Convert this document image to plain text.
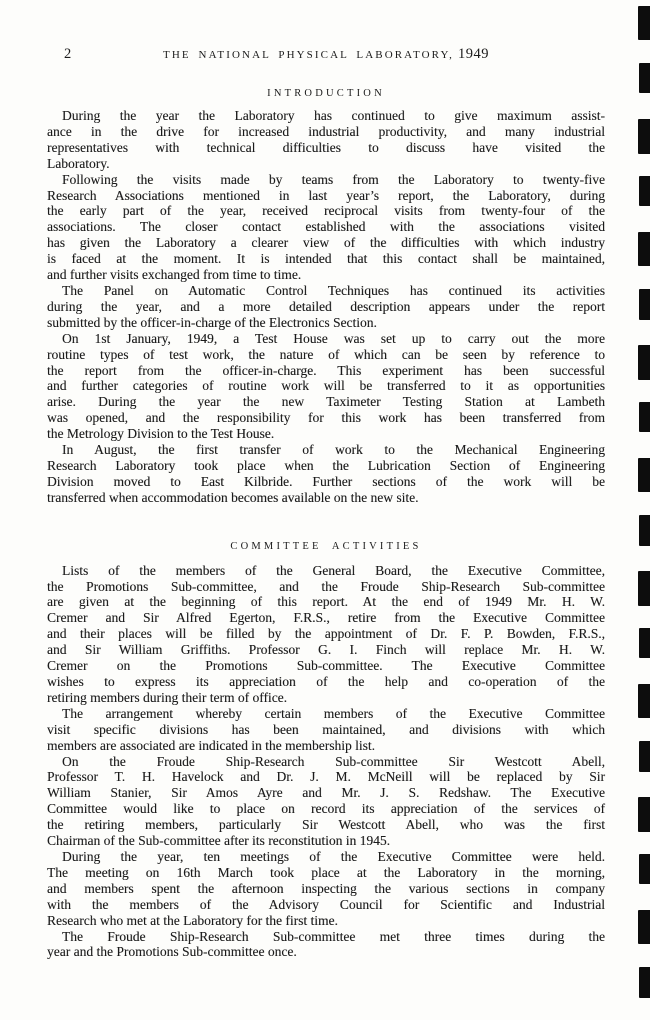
2	THE NATIONAL PHYSICAL LABORATORY, 1949
INTRODUCTION
During the year the Laboratory has continued to give maximum assist-
ance in the drive for increased industrial productivity, and many industrial
representatives with technical difficulties to discuss have visited the
Laboratory.
Following the visits made by teams from the Laboratory to twenty-five
Research Associations mentioned in last year’s report, the Laboratory, during
the early part of the year, received reciprocal visits from twenty-four of the
associations. The closer contact established with the associations visited
has given the Laboratory a clearer view of the difficulties with which industry
is faced at the moment. It is intended that this contact shall be maintained,
and further visits exchanged from time to time.
The Panel on Automatic Control Techniques has continued its activities
during the year, and a more detailed description appears under the report
submitted by the officer-in-charge of the Electronics Section.
On 1st January, 1949, a Test House was set up to carry out the more
routine types of test work, the nature of which can be seen by reference to
the report from the officer-in-charge. This experiment has been successful
and further categories of routine work will be transferred to it as opportunities
arise. During the year the new Taximeter Testing Station at Lambeth
was opened, and the responsibility for this work has been transferred from
the Metrology Division to the Test House.
In August, the first transfer of work to the Mechanical Engineering
Research Laboratory took place when the Lubrication Section of Engineering
Division moved to East Kilbride. Further sections of the work will be
transferred when accommodation becomes available on the new site.
COMMITTEE ACTIVITIES
Lists of the members of the General Board, the Executive Committee,
the Promotions Sub-committee, and the Froude Ship-Research Sub-committee
are given at the beginning of this report. At the end of 1949 Mr. H. W.
Cremer and Sir Alfred Egerton, F.R.S., retire from the Executive Committee
and their places will be filled by the appointment of Dr. F. P. Bowden, F.R.S.,
and Sir William Griffiths. Professor G. I. Finch will replace Mr. H. W.
Cremer on the Promotions Sub-committee. The Executive Committee
wishes to express its appreciation of the help and co-operation of the
retiring members during their term of office.
The arrangement whereby certain members of the Executive Committee
visit specific divisions has been maintained, and divisions with which
members are associated are indicated in the membership list.
On the Froude Ship-Research Sub-committee Sir Westcott Abell,
Professor T. H. Havelock and Dr. J. M. McNeill will be replaced by Sir
William Stanier, Sir Amos Ayre and Mr. J. S. Redshaw. The Executive
Committee would like to place on record its appreciation of the services of
the retiring members, particularly Sir Westcott Abell, who was the first
Chairman of the Sub-committee after its reconstitution in 1945.
During the year, ten meetings of the Executive Committee were held.
The meeting on 16th March took place at the Laboratory in the morning,
and members spent the afternoon inspecting the various sections in company
with the members of the Advisory Council for Scientific and Industrial
Research who met at the Laboratory for the first time.
The Froude Ship-Research Sub-committee met three times during the
year and the Promotions Sub-committee once.
